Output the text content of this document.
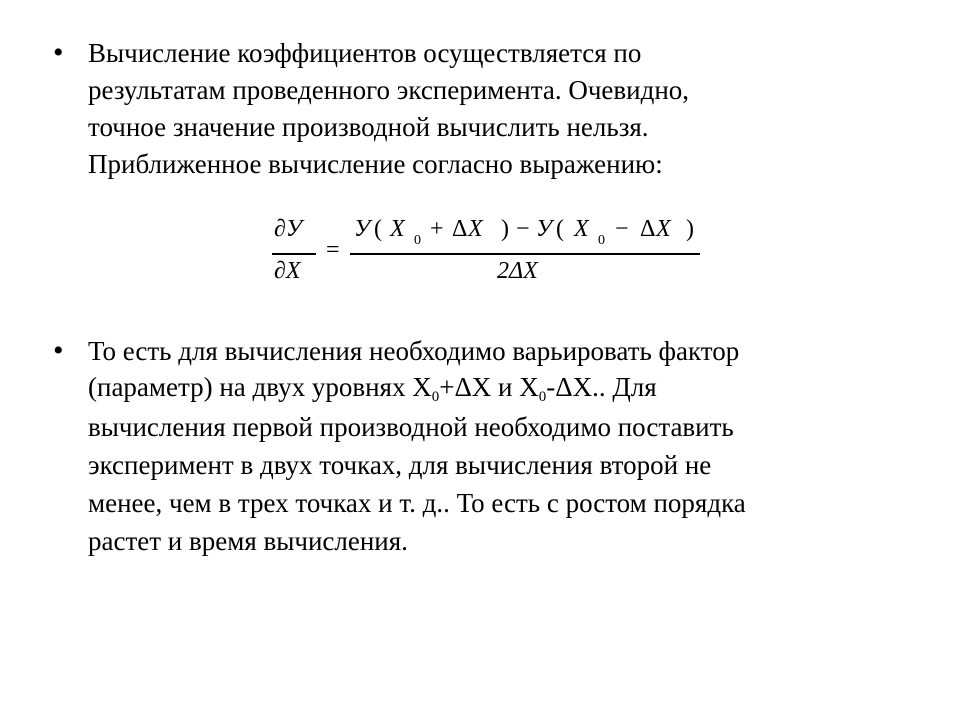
• Вычисление коэффициентов осуществляется по
результатам проведенного эксперимента. Очевидно,
точное значение производной вычислить нельзя.
Приближенное вычисление согласно выражению:

∂У
∂X
=
У ( X 0 + Δ X ) − У ( X 0 − Δ X )
2ΔX
• То есть для вычисления необходимо варьировать фактор
(параметр) на двух уровнях $Х_0+\Delta Х$ и $Х_0-\Delta Х$.. Для
вычисления первой производной необходимо поставить
эксперимент в двух точках, для вычисления второй не
менее, чем в трех точках и т. д.. То есть с ростом порядка
растет и время вычисления.
